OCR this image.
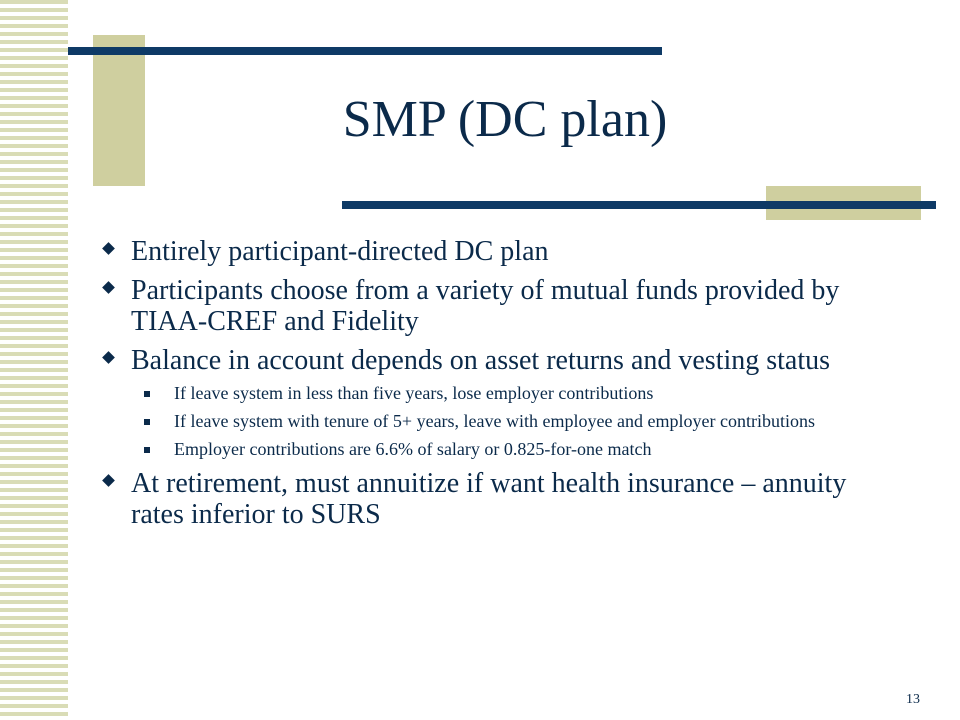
SMP (DC plan)
Entirely participant-directed DC plan
Participants choose from a variety of mutual funds provided by TIAA-CREF and Fidelity
Balance in account depends on asset returns and vesting status
If leave system in less than five years, lose employer contributions
If leave system with tenure of 5+ years, leave with employee and employer contributions
Employer contributions are 6.6% of salary or 0.825-for-one match
At retirement, must annuitize if want health insurance – annuity rates inferior to SURS
13
